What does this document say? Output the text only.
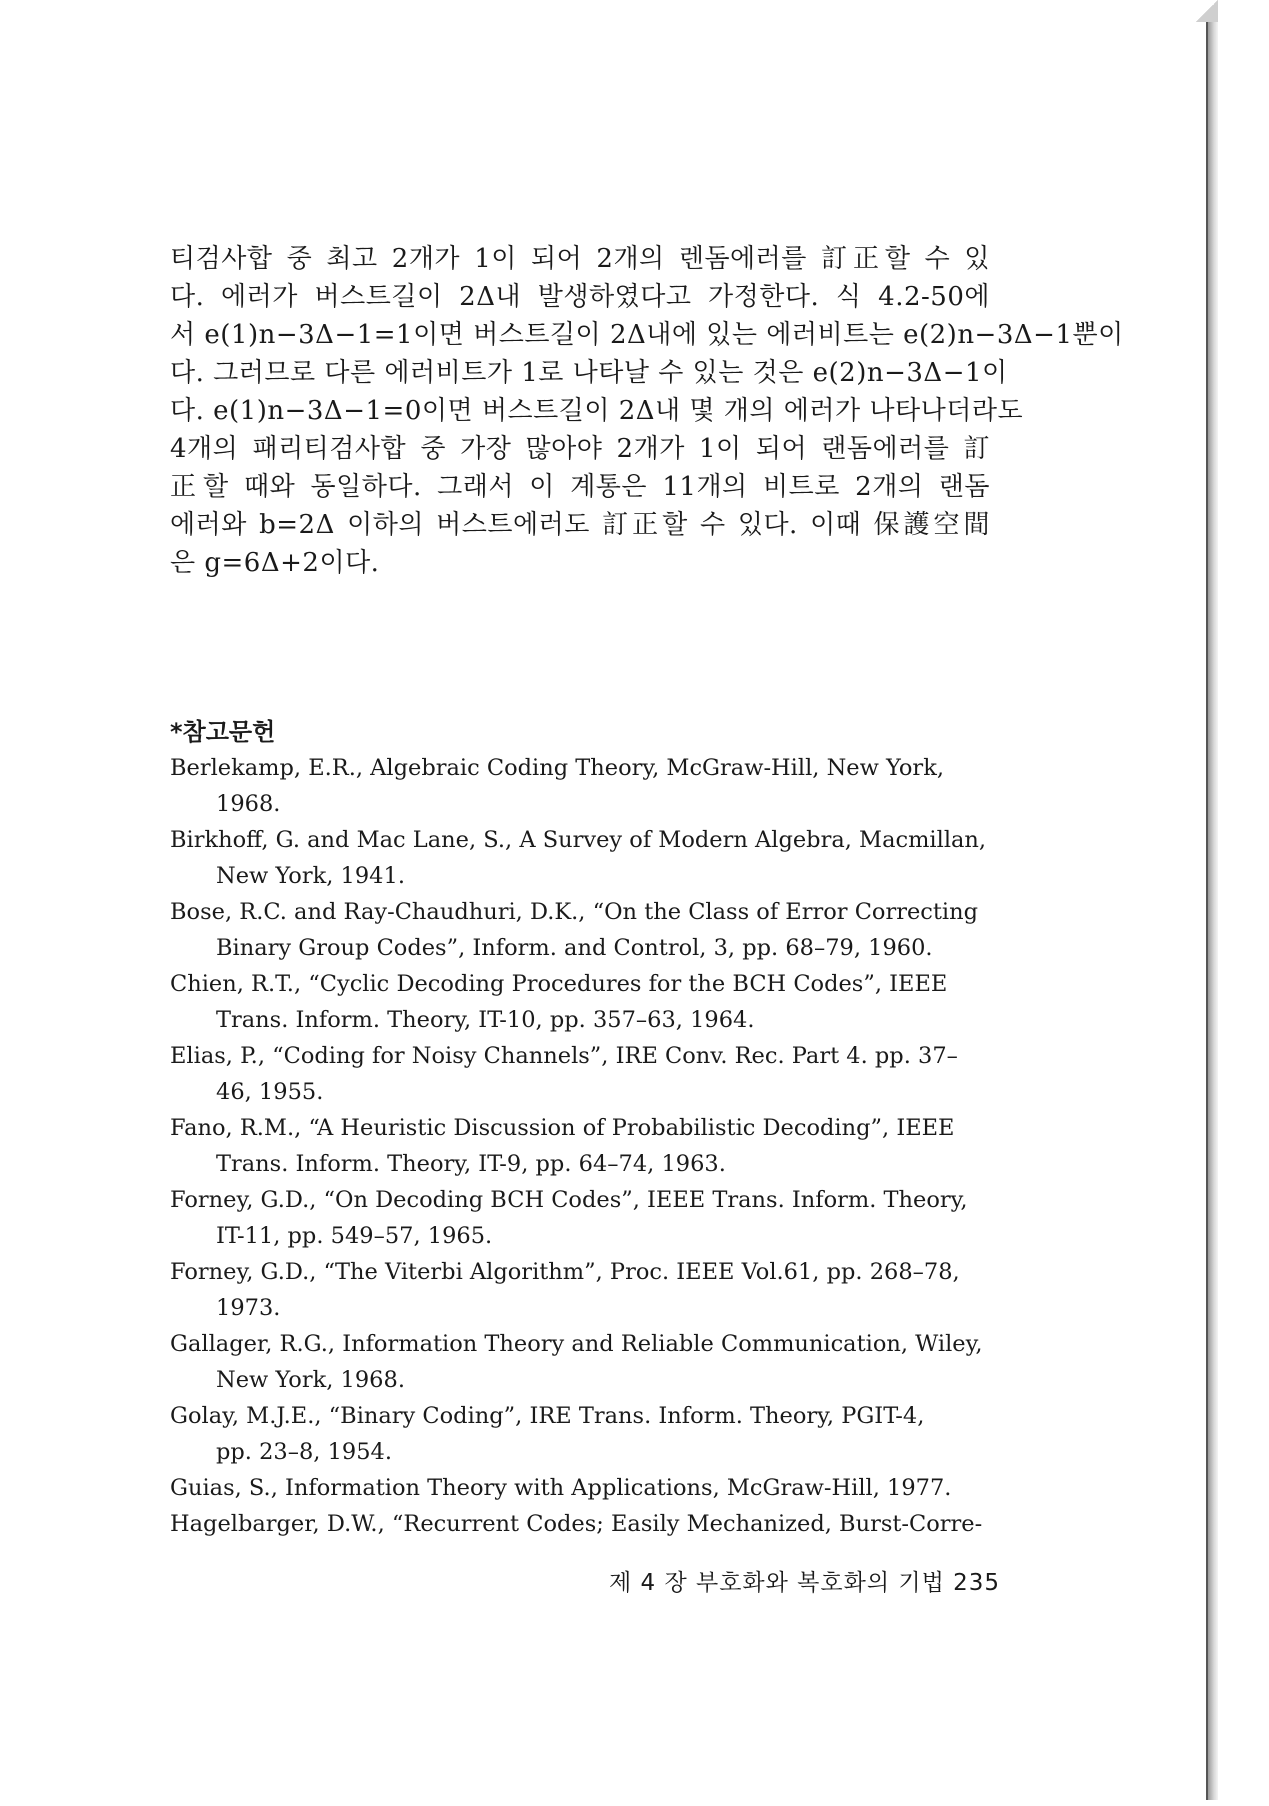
티검사합 중 최고 2개가 1이 되어 2개의 렌돔에러를 訂正할 수 있
다. 에러가 버스트길이 2Δ내 발생하였다고 가정한다. 식 4.2-50에
서 e(1)n−3Δ−1=1이면 버스트길이 2Δ내에 있는 에러비트는 e(2)n−3Δ−1뿐이
다. 그러므로 다른 에러비트가 1로 나타날 수 있는 것은 e(2)n−3Δ−1이
다. e(1)n−3Δ−1=0이면 버스트길이 2Δ내 몇 개의 에러가 나타나더라도
4개의 패리티검사합 중 가장 많아야 2개가 1이 되어 랜돔에러를 訂
正할 때와 동일하다. 그래서 이 계통은 11개의 비트로 2개의 랜돔
에러와 b=2Δ 이하의 버스트에러도 訂正할 수 있다. 이때 保護空間
은 g=6Δ+2이다.
*참고문헌
Berlekamp, E.R., Algebraic Coding Theory, McGraw-Hill, New York,
1968.
Birkhoff, G. and Mac Lane, S., A Survey of Modern Algebra, Macmillan,
New York, 1941.
Bose, R.C. and Ray-Chaudhuri, D.K., “On the Class of Error Correcting
Binary Group Codes”, Inform. and Control, 3, pp. 68–79, 1960.
Chien, R.T., “Cyclic Decoding Procedures for the BCH Codes”, IEEE
Trans. Inform. Theory, IT-10, pp. 357–63, 1964.
Elias, P., “Coding for Noisy Channels”, IRE Conv. Rec. Part 4. pp. 37–
46, 1955.
Fano, R.M., “A Heuristic Discussion of Probabilistic Decoding”, IEEE
Trans. Inform. Theory, IT-9, pp. 64–74, 1963.
Forney, G.D., “On Decoding BCH Codes”, IEEE Trans. Inform. Theory,
IT-11, pp. 549–57, 1965.
Forney, G.D., “The Viterbi Algorithm”, Proc. IEEE Vol.61, pp. 268–78,
1973.
Gallager, R.G., Information Theory and Reliable Communication, Wiley,
New York, 1968.
Golay, M.J.E., “Binary Coding”, IRE Trans. Inform. Theory, PGIT-4,
pp. 23–8, 1954.
Guias, S., Information Theory with Applications, McGraw-Hill, 1977.
Hagelbarger, D.W., “Recurrent Codes; Easily Mechanized, Burst-Corre-
제 4 장 부호화와 복호화의 기법 235
